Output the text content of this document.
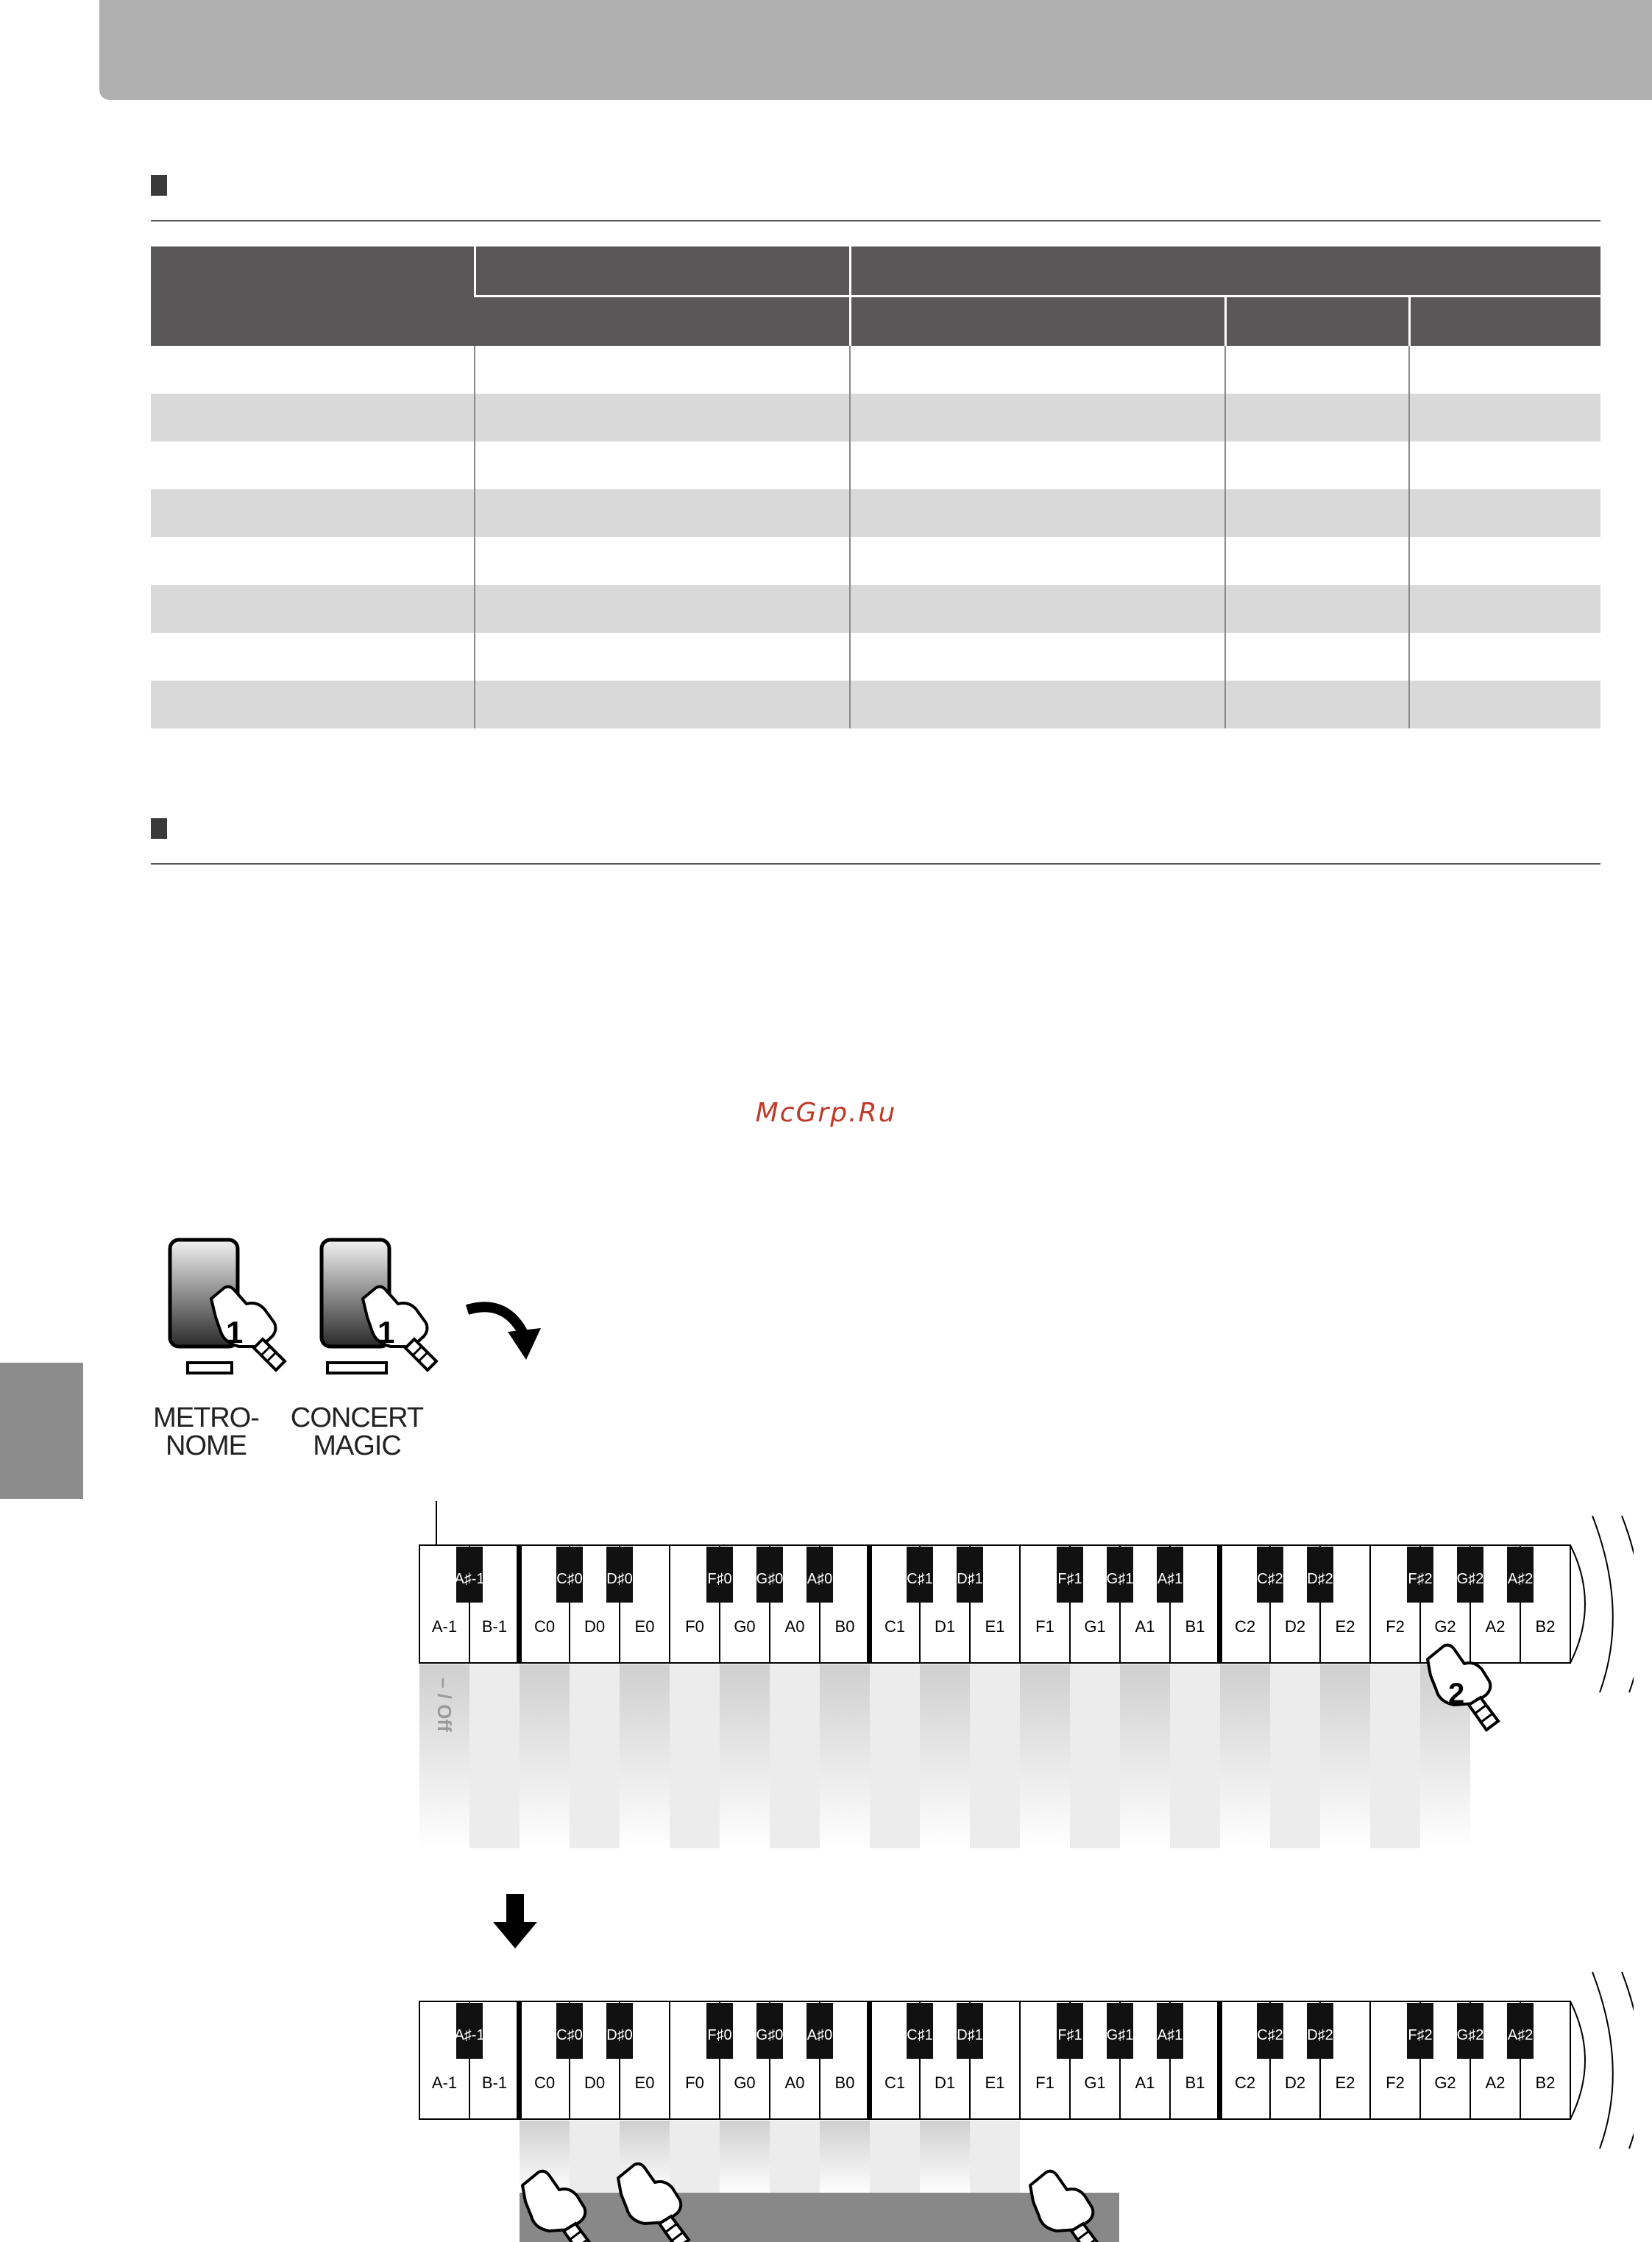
McGrp.Ru
1	1
METRO-
NOME
CONCERT
MAGIC
A-1 B-1 C0 D0 E0 F0 G0 A0 B0 C1 D1 E1 F1 G1 A1 B1 C2 D2 E2 F2 G2 A2 B2
A♯-1	C♯0 D♯0	F♯0 G♯0 A♯0	C♯1 D♯1	F♯1 G♯1 A♯1	C♯2 D♯2	F♯2 G♯2 A♯2
– / Off	2
A-1 B-1 C0 D0 E0 F0 G0 A0 B0 C1 D1 E1 F1 G1 A1 B1 C2 D2 E2 F2 G2 A2 B2
A♯-1	C♯0 D♯0	F♯0 G♯0 A♯0	C♯1 D♯1	F♯1 G♯1 A♯1	C♯2 D♯2	F♯2 G♯2 A♯2
